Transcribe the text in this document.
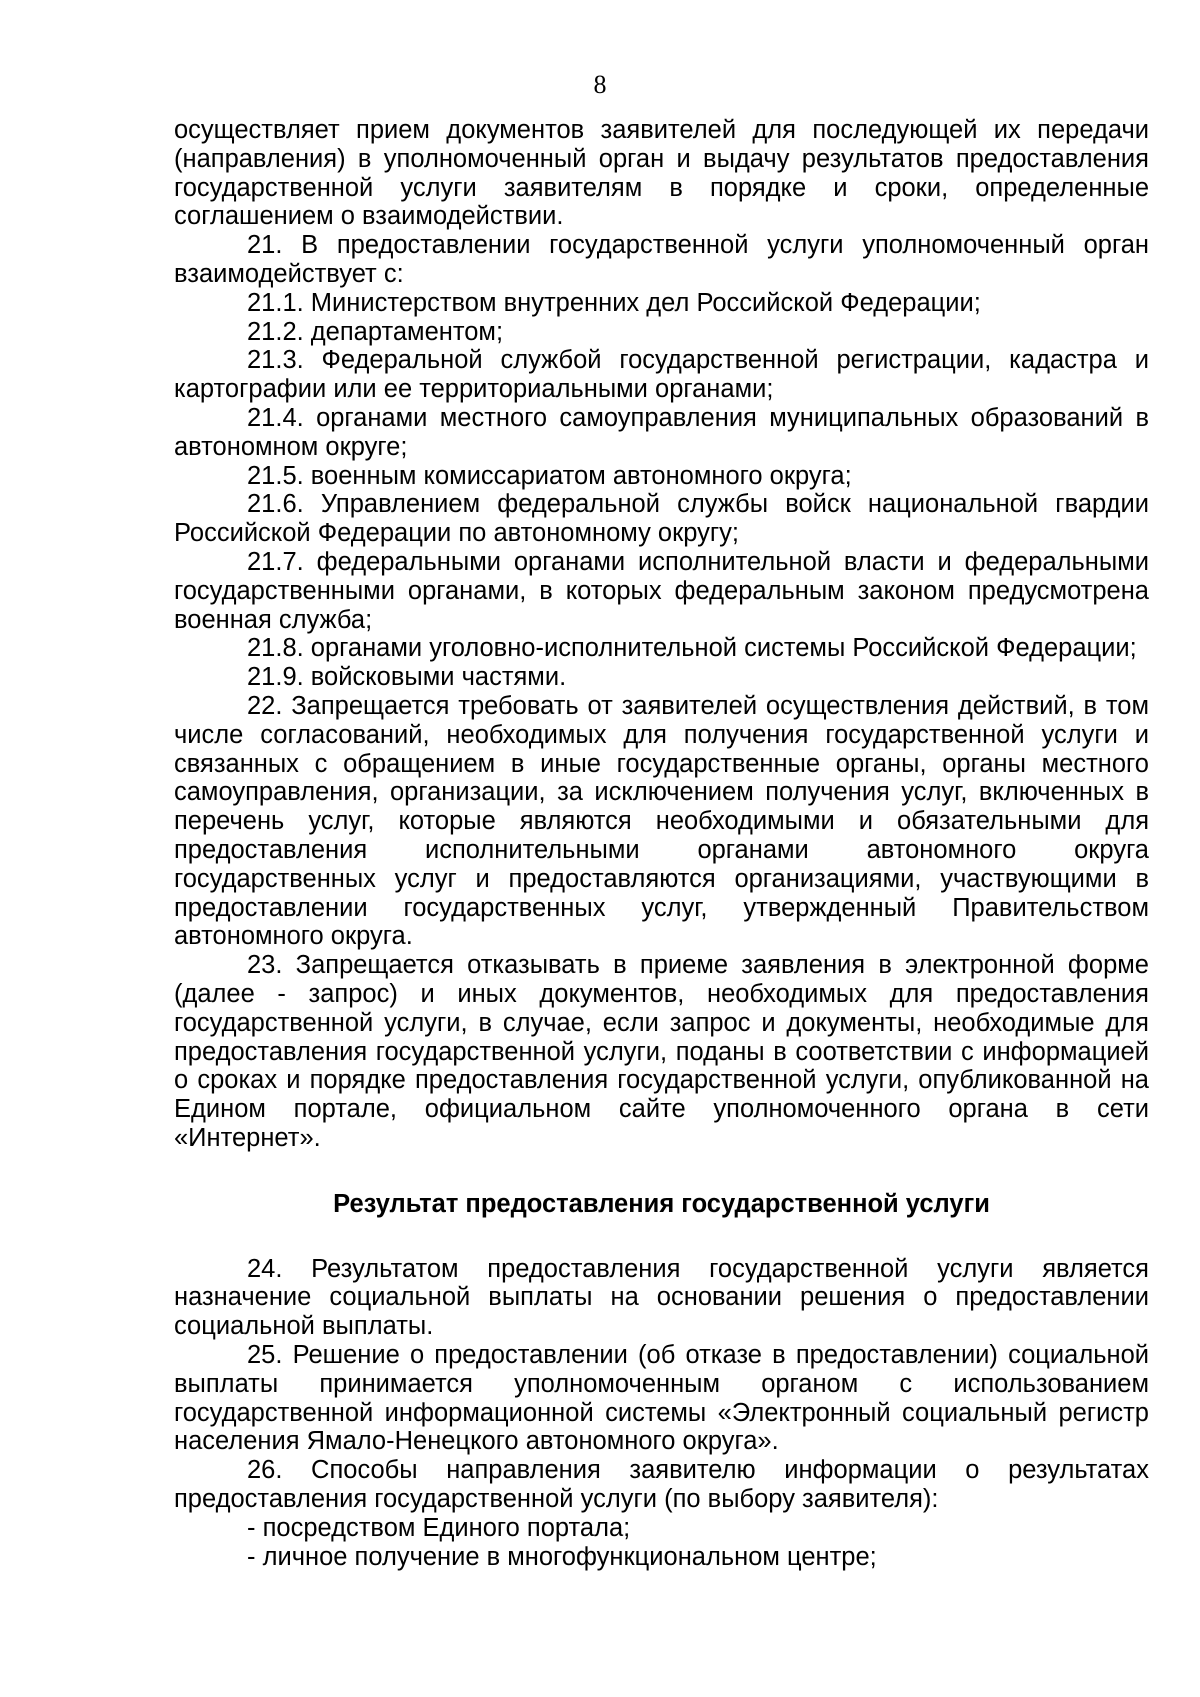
8

осуществляет прием документов заявителей для последующей их передачи (направления) в уполномоченный орган и выдачу результатов предоставления государственной услуги заявителям в порядке и сроки, определенные соглашением о взаимодействии.

21. В предоставлении государственной услуги уполномоченный орган взаимодействует с:

21.1. Министерством внутренних дел Российской Федерации;

21.2. департаментом;

21.3. Федеральной службой государственной регистрации, кадастра и картографии или ее территориальными органами;

21.4. органами местного самоуправления муниципальных образований в автономном округе;

21.5. военным комиссариатом автономного округа;

21.6. Управлением федеральной службы войск национальной гвардии Российской Федерации по автономному округу;

21.7. федеральными органами исполнительной власти и федеральными государственными органами, в которых федеральным законом предусмотрена военная служба;

21.8. органами уголовно-исполнительной системы Российской Федерации;

21.9. войсковыми частями.

22. Запрещается требовать от заявителей осуществления действий, в том числе согласований, необходимых для получения государственной услуги и связанных с обращением в иные государственные органы, органы местного самоуправления, организации, за исключением получения услуг, включенных в перечень услуг, которые являются необходимыми и обязательными для предоставления исполнительными органами автономного округа государственных услуг и предоставляются организациями, участвующими в предоставлении государственных услуг, утвержденный Правительством автономного округа.

23. Запрещается отказывать в приеме заявления в электронной форме (далее - запрос) и иных документов, необходимых для предоставления государственной услуги, в случае, если запрос и документы, необходимые для предоставления государственной услуги, поданы в соответствии с информацией о сроках и порядке предоставления государственной услуги, опубликованной на Едином портале, официальном сайте уполномоченного органа в сети «Интернет».

Результат предоставления государственной услуги

24. Результатом предоставления государственной услуги является назначение социальной выплаты на основании решения о предоставлении социальной выплаты.

25. Решение о предоставлении (об отказе в предоставлении) социальной выплаты принимается уполномоченным органом с использованием государственной информационной системы «Электронный социальный регистр населения Ямало-Ненецкого автономного округа».

26. Способы направления заявителю информации о результатах предоставления государственной услуги (по выбору заявителя):

- посредством Единого портала;

- личное получение в многофункциональном центре;
